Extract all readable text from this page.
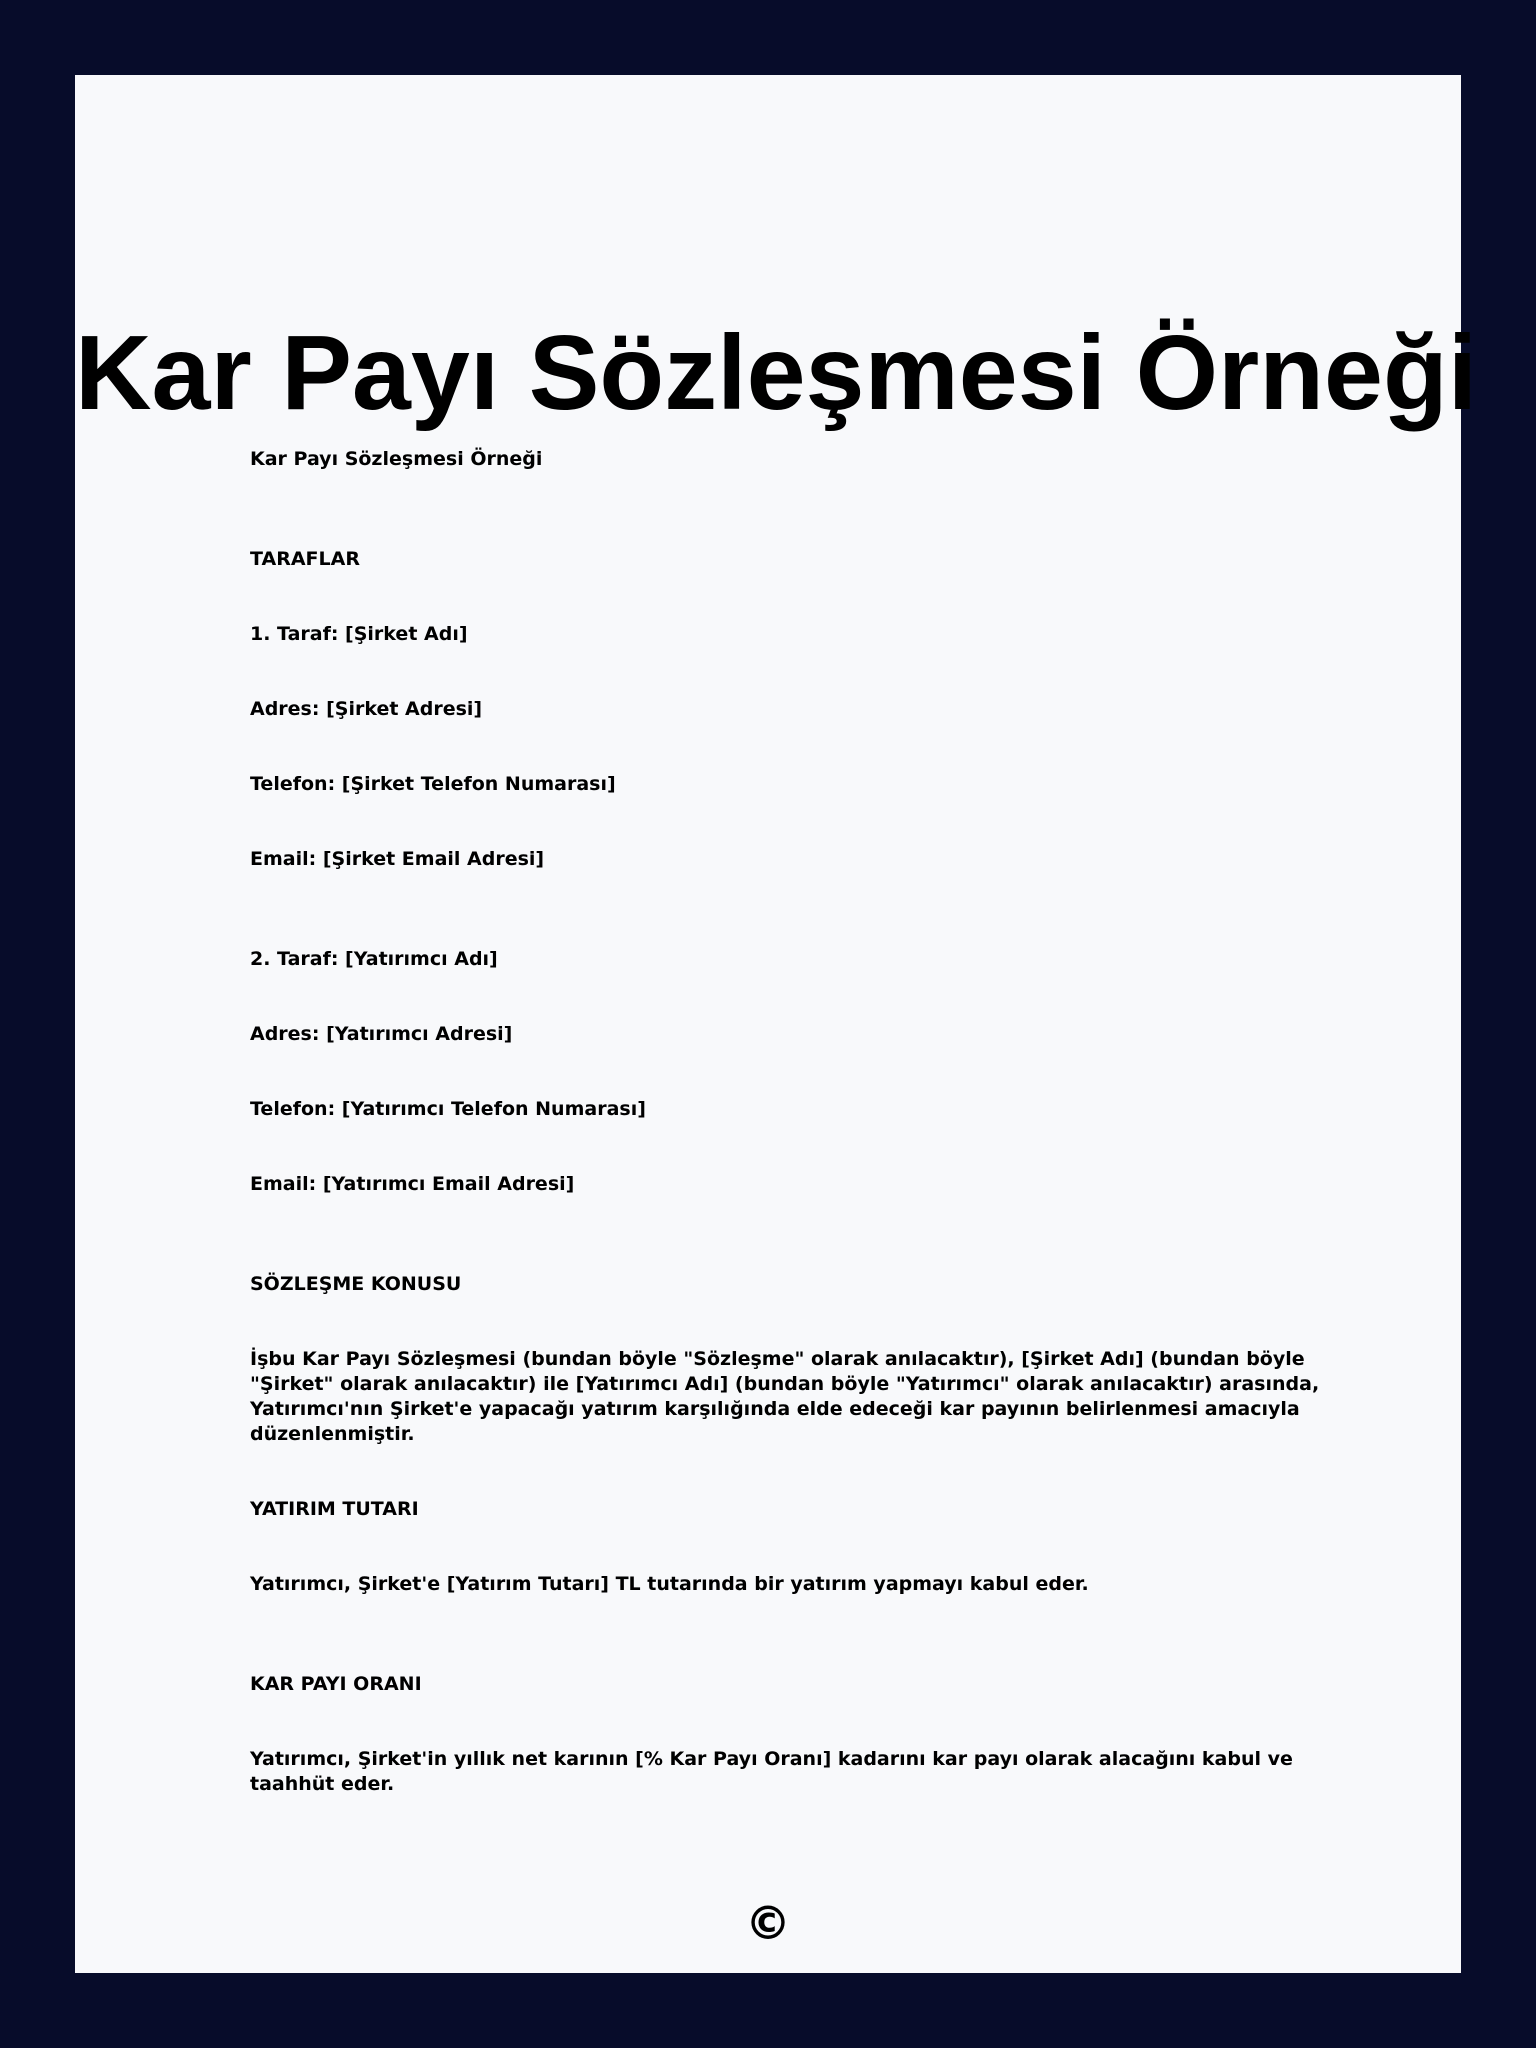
Kar Payı Sözleşmesi Örneği

Kar Payı Sözleşmesi Örneği

TARAFLAR

1. Taraf: [Şirket Adı]

Adres: [Şirket Adresi]

Telefon: [Şirket Telefon Numarası]

Email: [Şirket Email Adresi]

2. Taraf: [Yatırımcı Adı]

Adres: [Yatırımcı Adresi]

Telefon: [Yatırımcı Telefon Numarası]

Email: [Yatırımcı Email Adresi]

SÖZLEŞME KONUSU

İşbu Kar Payı Sözleşmesi (bundan böyle "Sözleşme" olarak anılacaktır), [Şirket Adı] (bundan böyle "Şirket" olarak anılacaktır) ile [Yatırımcı Adı] (bundan böyle "Yatırımcı" olarak anılacaktır) arasında, Yatırımcı'nın Şirket'e yapacağı yatırım karşılığında elde edeceği kar payının belirlenmesi amacıyla düzenlenmiştir.

YATIRIM TUTARI

Yatırımcı, Şirket'e [Yatırım Tutarı] TL tutarında bir yatırım yapmayı kabul eder.

KAR PAYI ORANI

Yatırımcı, Şirket'in yıllık net karının [% Kar Payı Oranı] kadarını kar payı olarak alacağını kabul ve taahhüt eder.

©
